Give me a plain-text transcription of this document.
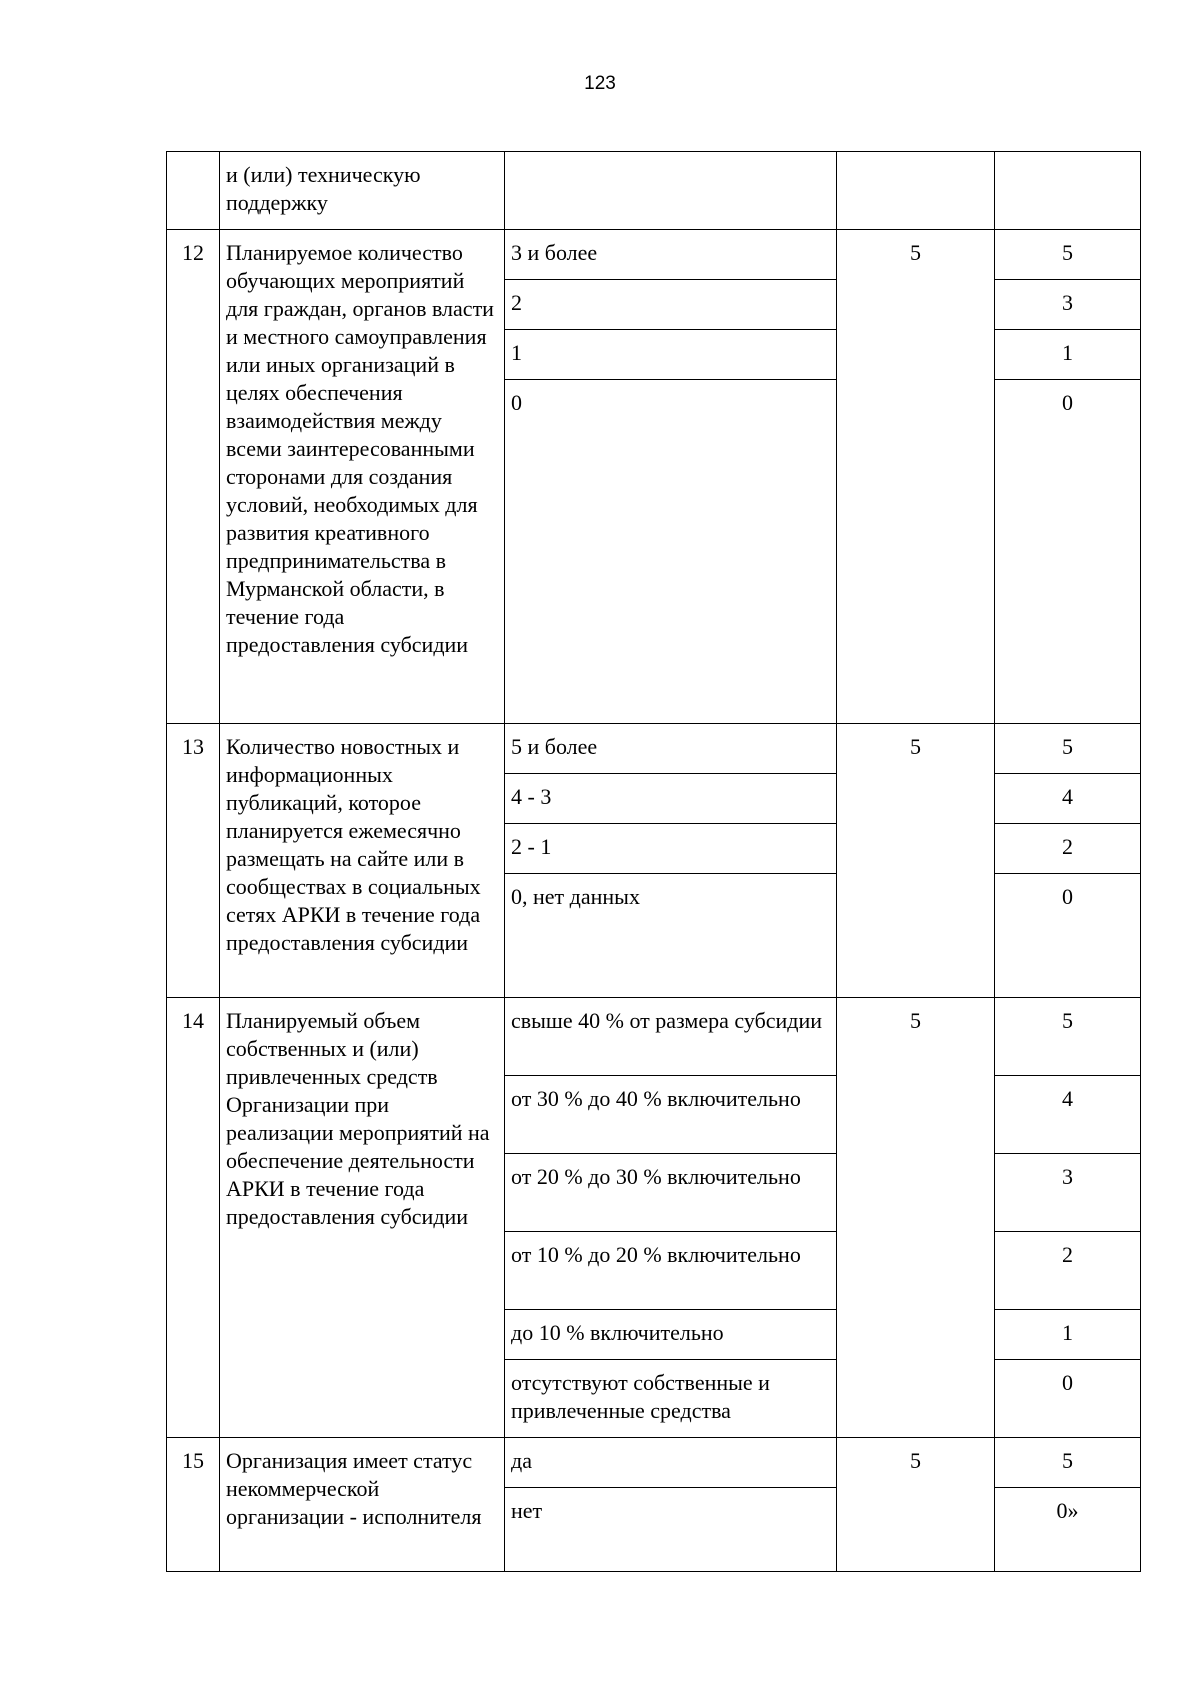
123
	и (или) техническую поддержку			
12	Планируемое количество обучающих мероприятий для граждан, органов власти и местного самоуправления или иных организаций в целях обеспечения взаимодействия между всеми заинтересованными сторонами для создания условий, необходимых для развития креативного предпринимательства в Мурманской области, в течение года предоставления субсидии	3 и более	5	5
		2		3
		1		1
		0		0
13	Количество новостных и информационных публикаций, которое планируется ежемесячно размещать на сайте или в сообществах в социальных сетях АРКИ в течение года предоставления субсидии	5 и более	5	5
		4 - 3		4
		2 - 1		2
		0, нет данных		0
14	Планируемый объем собственных и (или) привлеченных средств Организации при реализации мероприятий на обеспечение деятельности АРКИ в течение года предоставления субсидии	свыше 40 % от размера субсидии	5	5
		от 30 % до 40 % включительно		4
		от 20 % до 30 % включительно		3
		от 10 % до 20 % включительно		2
		до 10 % включительно		1
		отсутствуют собственные и привлеченные средства		0
15	Организация имеет статус некоммерческой организации - исполнителя	да	5	5
		нет		0»
